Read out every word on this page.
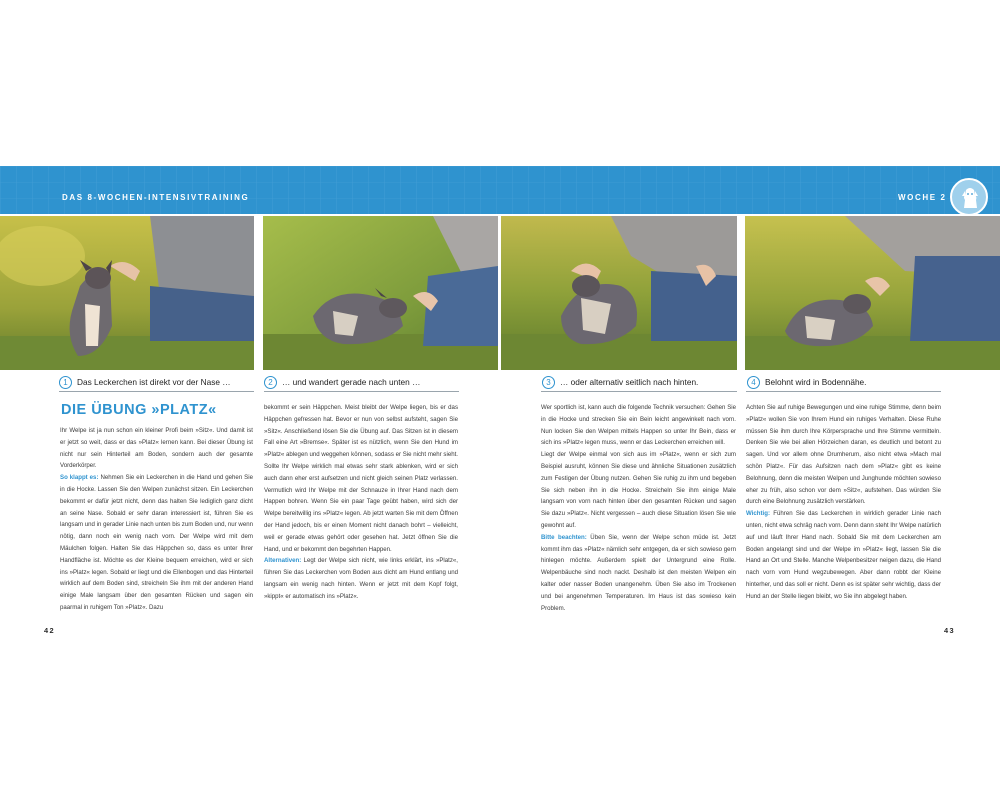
DAS 8-WOCHEN-INTENSIVTRAINING	WOCHE 2
1	Das Leckerchen ist direkt vor der Nase …	2	… und wandert gerade nach unten …	3	… oder alternativ seitlich nach hinten.	4	Belohnt wird in Bodennähe.
DIE ÜBUNG »PLATZ«

Ihr Welpe ist ja nun schon ein kleiner Profi beim »Sitz«. Und damit ist er jetzt so weit, dass er das »Platz« lernen kann. Bei dieser Übung ist nicht nur sein Hinterteil am Boden, sondern auch der gesamte Vorderkörper.

So klappt es: Nehmen Sie ein Leckerchen in die Hand und gehen Sie in die Hocke. Lassen Sie den Welpen zunächst sitzen. Ein Leckerchen bekommt er dafür jetzt nicht, denn das halten Sie lediglich ganz dicht an seine Nase. Sobald er sehr daran interessiert ist, führen Sie es langsam und in gerader Linie nach unten bis zum Boden und, nur wenn nötig, dann noch ein wenig nach vorn. Der Welpe wird mit dem Mäulchen folgen. Halten Sie das Häppchen so, dass es unter Ihrer Handfläche ist. Möchte es der Kleine bequem erreichen, wird er sich ins »Platz« legen. Sobald er liegt und die Ellenbogen und das Hinterteil wirklich auf dem Boden sind, streicheln Sie ihm mit der anderen Hand einige Male langsam über den gesamten Rücken und sagen ein paarmal in ruhigem Ton »Platz«. Dazu

bekommt er sein Häppchen. Meist bleibt der Welpe liegen, bis er das Häppchen gefressen hat. Bevor er nun von selbst aufsteht, sagen Sie »Sitz«. Anschließend lösen Sie die Übung auf. Das Sitzen ist in diesem Fall eine Art »Bremse«. Später ist es nützlich, wenn Sie den Hund im »Platz« ablegen und weggehen können, sodass er Sie nicht mehr sieht. Sollte Ihr Welpe wirklich mal etwas sehr stark ablenken, wird er sich auch dann eher erst aufsetzen und nicht gleich seinen Platz verlassen. Vermutlich wird Ihr Welpe mit der Schnauze in Ihrer Hand nach dem Happen bohren. Wenn Sie ein paar Tage geübt haben, wird sich der Welpe bereitwillig ins »Platz« legen. Ab jetzt warten Sie mit dem Öffnen der Hand jedoch, bis er einen Moment nicht danach bohrt – vielleicht, weil er gerade etwas gehört oder gesehen hat. Jetzt öffnen Sie die Hand, und er bekommt den begehrten Happen.

Alternativen: Legt der Welpe sich nicht, wie links erklärt, ins »Platz«, führen Sie das Leckerchen vom Boden aus dicht am Hund entlang und langsam ein wenig nach hinten. Wenn er jetzt mit dem Kopf folgt, »kippt« er automatisch ins »Platz«.

Wer sportlich ist, kann auch die folgende Technik versuchen: Gehen Sie in die Hocke und strecken Sie ein Bein leicht angewinkelt nach vorn. Nun locken Sie den Welpen mittels Happen so unter Ihr Bein, dass er sich ins »Platz« legen muss, wenn er das Leckerchen erreichen will.

Liegt der Welpe einmal von sich aus im »Platz«, wenn er sich zum Beispiel ausruht, können Sie diese und ähnliche Situationen zusätzlich zum Festigen der Übung nutzen. Gehen Sie ruhig zu ihm und begeben Sie sich neben ihn in die Hocke. Streicheln Sie ihm einige Male langsam von vorn nach hinten über den gesamten Rücken und sagen Sie dazu »Platz«. Nicht vergessen – auch diese Situation lösen Sie wie gewohnt auf.

Bitte beachten: Üben Sie, wenn der Welpe schon müde ist. Jetzt kommt ihm das »Platz« nämlich sehr entgegen, da er sich sowieso gern hinlegen möchte. Außerdem spielt der Untergrund eine Rolle. Welpenbäuche sind noch nackt. Deshalb ist den meisten Welpen ein kalter oder nasser Boden unangenehm. Üben Sie also im Trockenen und bei angenehmen Temperaturen. Im Haus ist das sowieso kein Problem.

Achten Sie auf ruhige Bewegungen und eine ruhige Stimme, denn beim »Platz« wollen Sie von Ihrem Hund ein ruhiges Verhalten. Diese Ruhe müssen Sie ihm durch Ihre Körpersprache und Ihre Stimme vermitteln. Denken Sie wie bei allen Hörzeichen daran, es deutlich und betont zu sagen. Und vor allem ohne Drumherum, also nicht etwa »Mach mal schön Platz«. Für das Aufsitzen nach dem »Platz« gibt es keine Belohnung, denn die meisten Welpen und Junghunde möchten sowieso eher zu früh, also schon vor dem »Sitz«, aufstehen. Das würden Sie durch eine Belohnung zusätzlich verstärken.

Wichtig: Führen Sie das Leckerchen in wirklich gerader Linie nach unten, nicht etwa schräg nach vorn. Denn dann steht Ihr Welpe natürlich auf und läuft Ihrer Hand nach. Sobald Sie mit dem Leckerchen am Boden angelangt sind und der Welpe im »Platz« liegt, lassen Sie die Hand an Ort und Stelle. Manche Welpenbesitzer neigen dazu, die Hand nach vorn vom Hund wegzubewegen. Aber dann robbt der Kleine hinterher, und das soll er nicht. Denn es ist später sehr wichtig, dass der Hund an der Stelle liegen bleibt, wo Sie ihn abgelegt haben.

42	43
